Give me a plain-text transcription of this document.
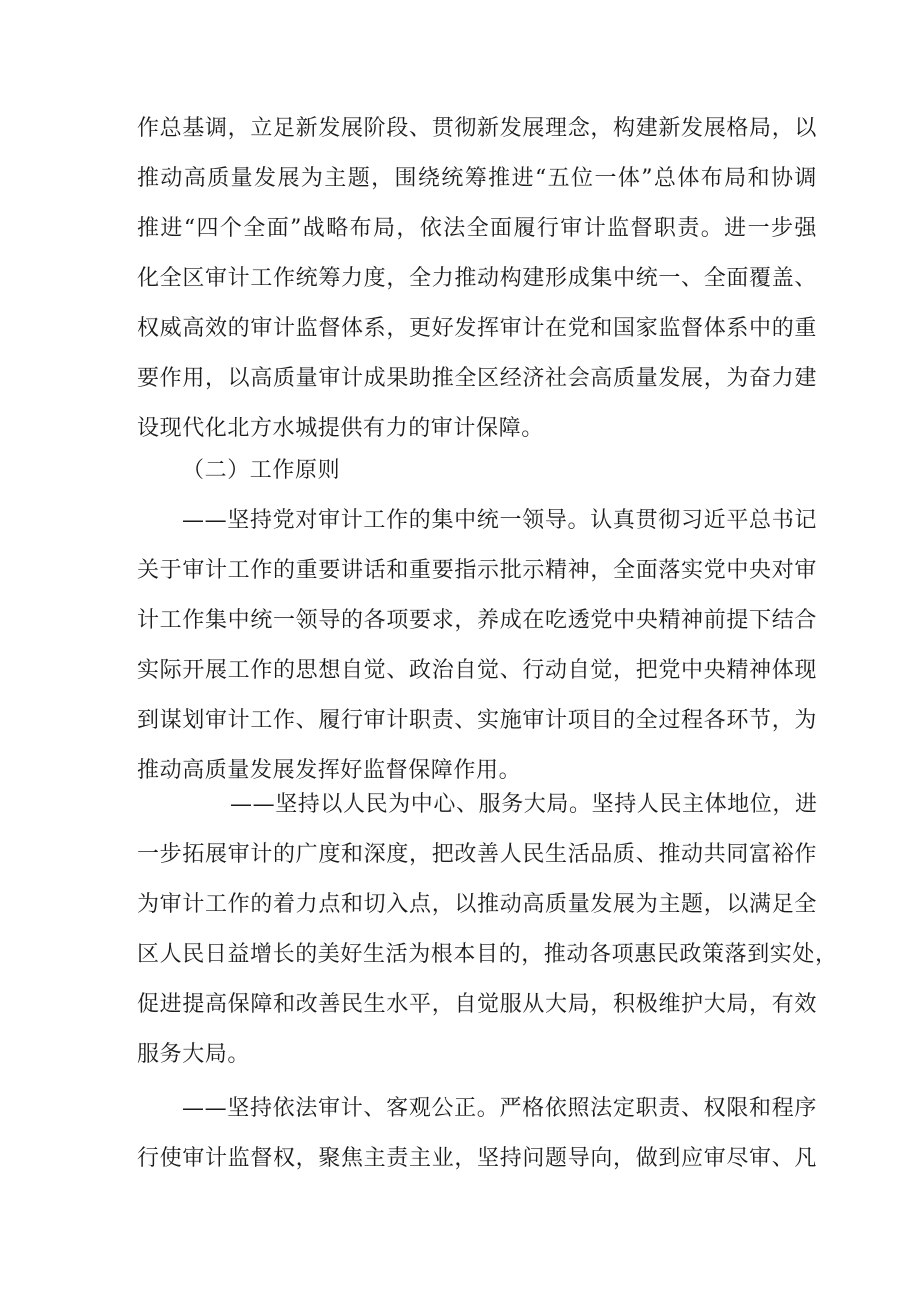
作总基调，立足新发展阶段、贯彻新发展理念，构建新发展格局，以
推动高质量发展为主题，围绕统筹推进“五位一体”总体布局和协调
推进“四个全面”战略布局，依法全面履行审计监督职责。进一步强
化全区审计工作统筹力度，全力推动构建形成集中统一、全面覆盖、
权威高效的审计监督体系，更好发挥审计在党和国家监督体系中的重
要作用，以高质量审计成果助推全区经济社会高质量发展，为奋力建
设现代化北方水城提供有力的审计保障。
（二）工作原则
——坚持党对审计工作的集中统一领导。认真贯彻习近平总书记
关于审计工作的重要讲话和重要指示批示精神，全面落实党中央对审
计工作集中统一领导的各项要求，养成在吃透党中央精神前提下结合
实际开展工作的思想自觉、政治自觉、行动自觉，把党中央精神体现
到谋划审计工作、履行审计职责、实施审计项目的全过程各环节，为
推动高质量发展发挥好监督保障作用。
——坚持以人民为中心、服务大局。坚持人民主体地位，进
一步拓展审计的广度和深度，把改善人民生活品质、推动共同富裕作
为审计工作的着力点和切入点，以推动高质量发展为主题，以满足全
区人民日益增长的美好生活为根本目的，推动各项惠民政策落到实处，
促进提高保障和改善民生水平，自觉服从大局，积极维护大局，有效
服务大局。
——坚持依法审计、客观公正。严格依照法定职责、权限和程序
行使审计监督权，聚焦主责主业，坚持问题导向，做到应审尽审、凡
